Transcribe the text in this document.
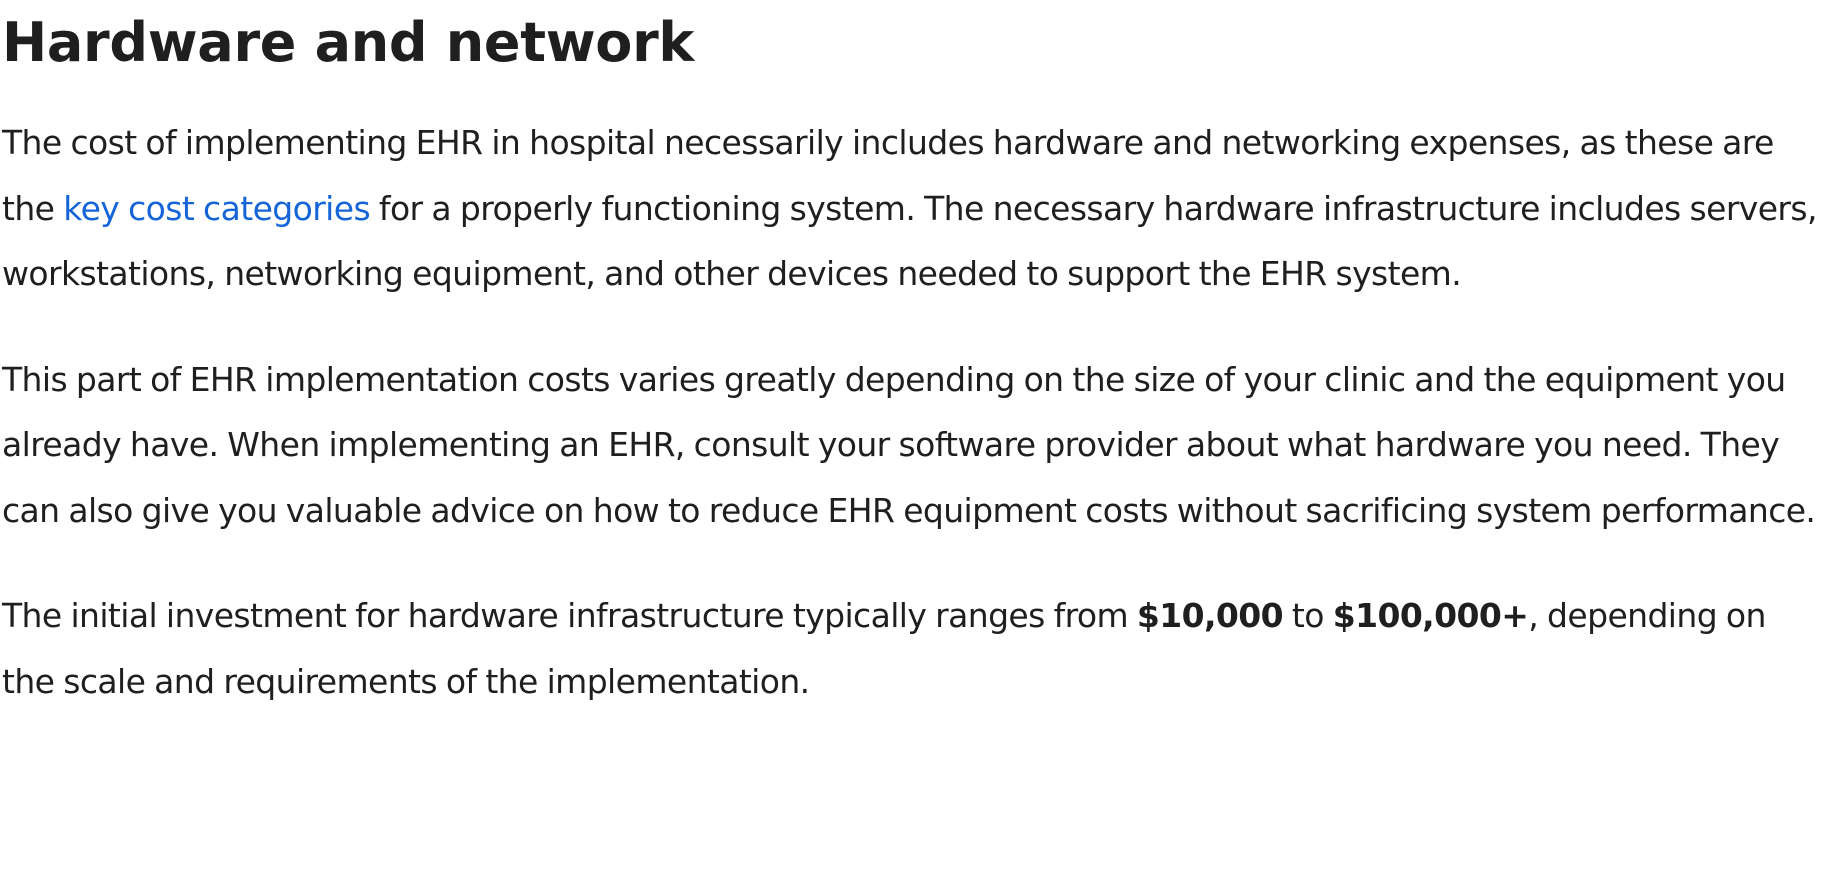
Hardware and network

The cost of implementing EHR in hospital necessarily includes hardware and networking expenses, as these are the key cost categories for a properly functioning system. The necessary hardware infrastructure includes servers, workstations, networking equipment, and other devices needed to support the EHR system.

This part of EHR implementation costs varies greatly depending on the size of your clinic and the equipment you already have. When implementing an EHR, consult your software provider about what hardware you need. They can also give you valuable advice on how to reduce EHR equipment costs without sacrificing system performance.

The initial investment for hardware infrastructure typically ranges from $10,000 to $100,000+, depending on the scale and requirements of the implementation.
